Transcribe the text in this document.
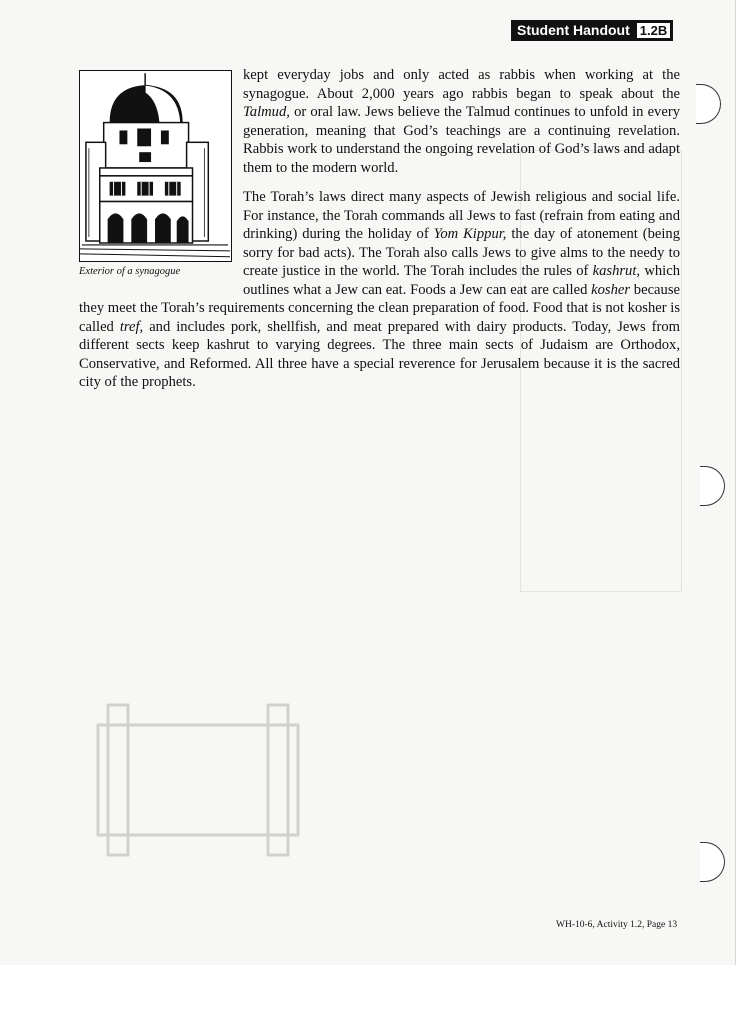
Student Handout 1.2B
Exterior of a synagogue

kept everyday jobs and only acted as rabbis when working at the synagogue. About 2,000 years ago rabbis began to speak about the Talmud, or oral law. Jews believe the Talmud continues to unfold in every generation, meaning that God’s teachings are a continuing revelation. Rabbis work to understand the ongoing revelation of God’s laws and adapt them to the modern world.

The Torah’s laws direct many aspects of Jewish religious and social life. For instance, the Torah commands all Jews to fast (refrain from eating and drinking) during the holiday of Yom Kippur, the day of atonement (being sorry for bad acts). The Torah also calls Jews to give alms to the needy to create justice in the world. The Torah includes the rules of kashrut, which outlines what a Jew can eat. Foods a Jew can eat are called kosher because they meet the Torah’s requirements concerning the clean preparation of food. Food that is not kosher is called tref, and includes pork, shellfish, and meat prepared with dairy products. Today, Jews from different sects keep kashrut to varying degrees. The three main sects of Judaism are Orthodox, Conservative, and Reformed. All three have a special reverence for Jerusalem because it is the sacred city of the prophets.

WH-10-6, Activity 1.2, Page 13
